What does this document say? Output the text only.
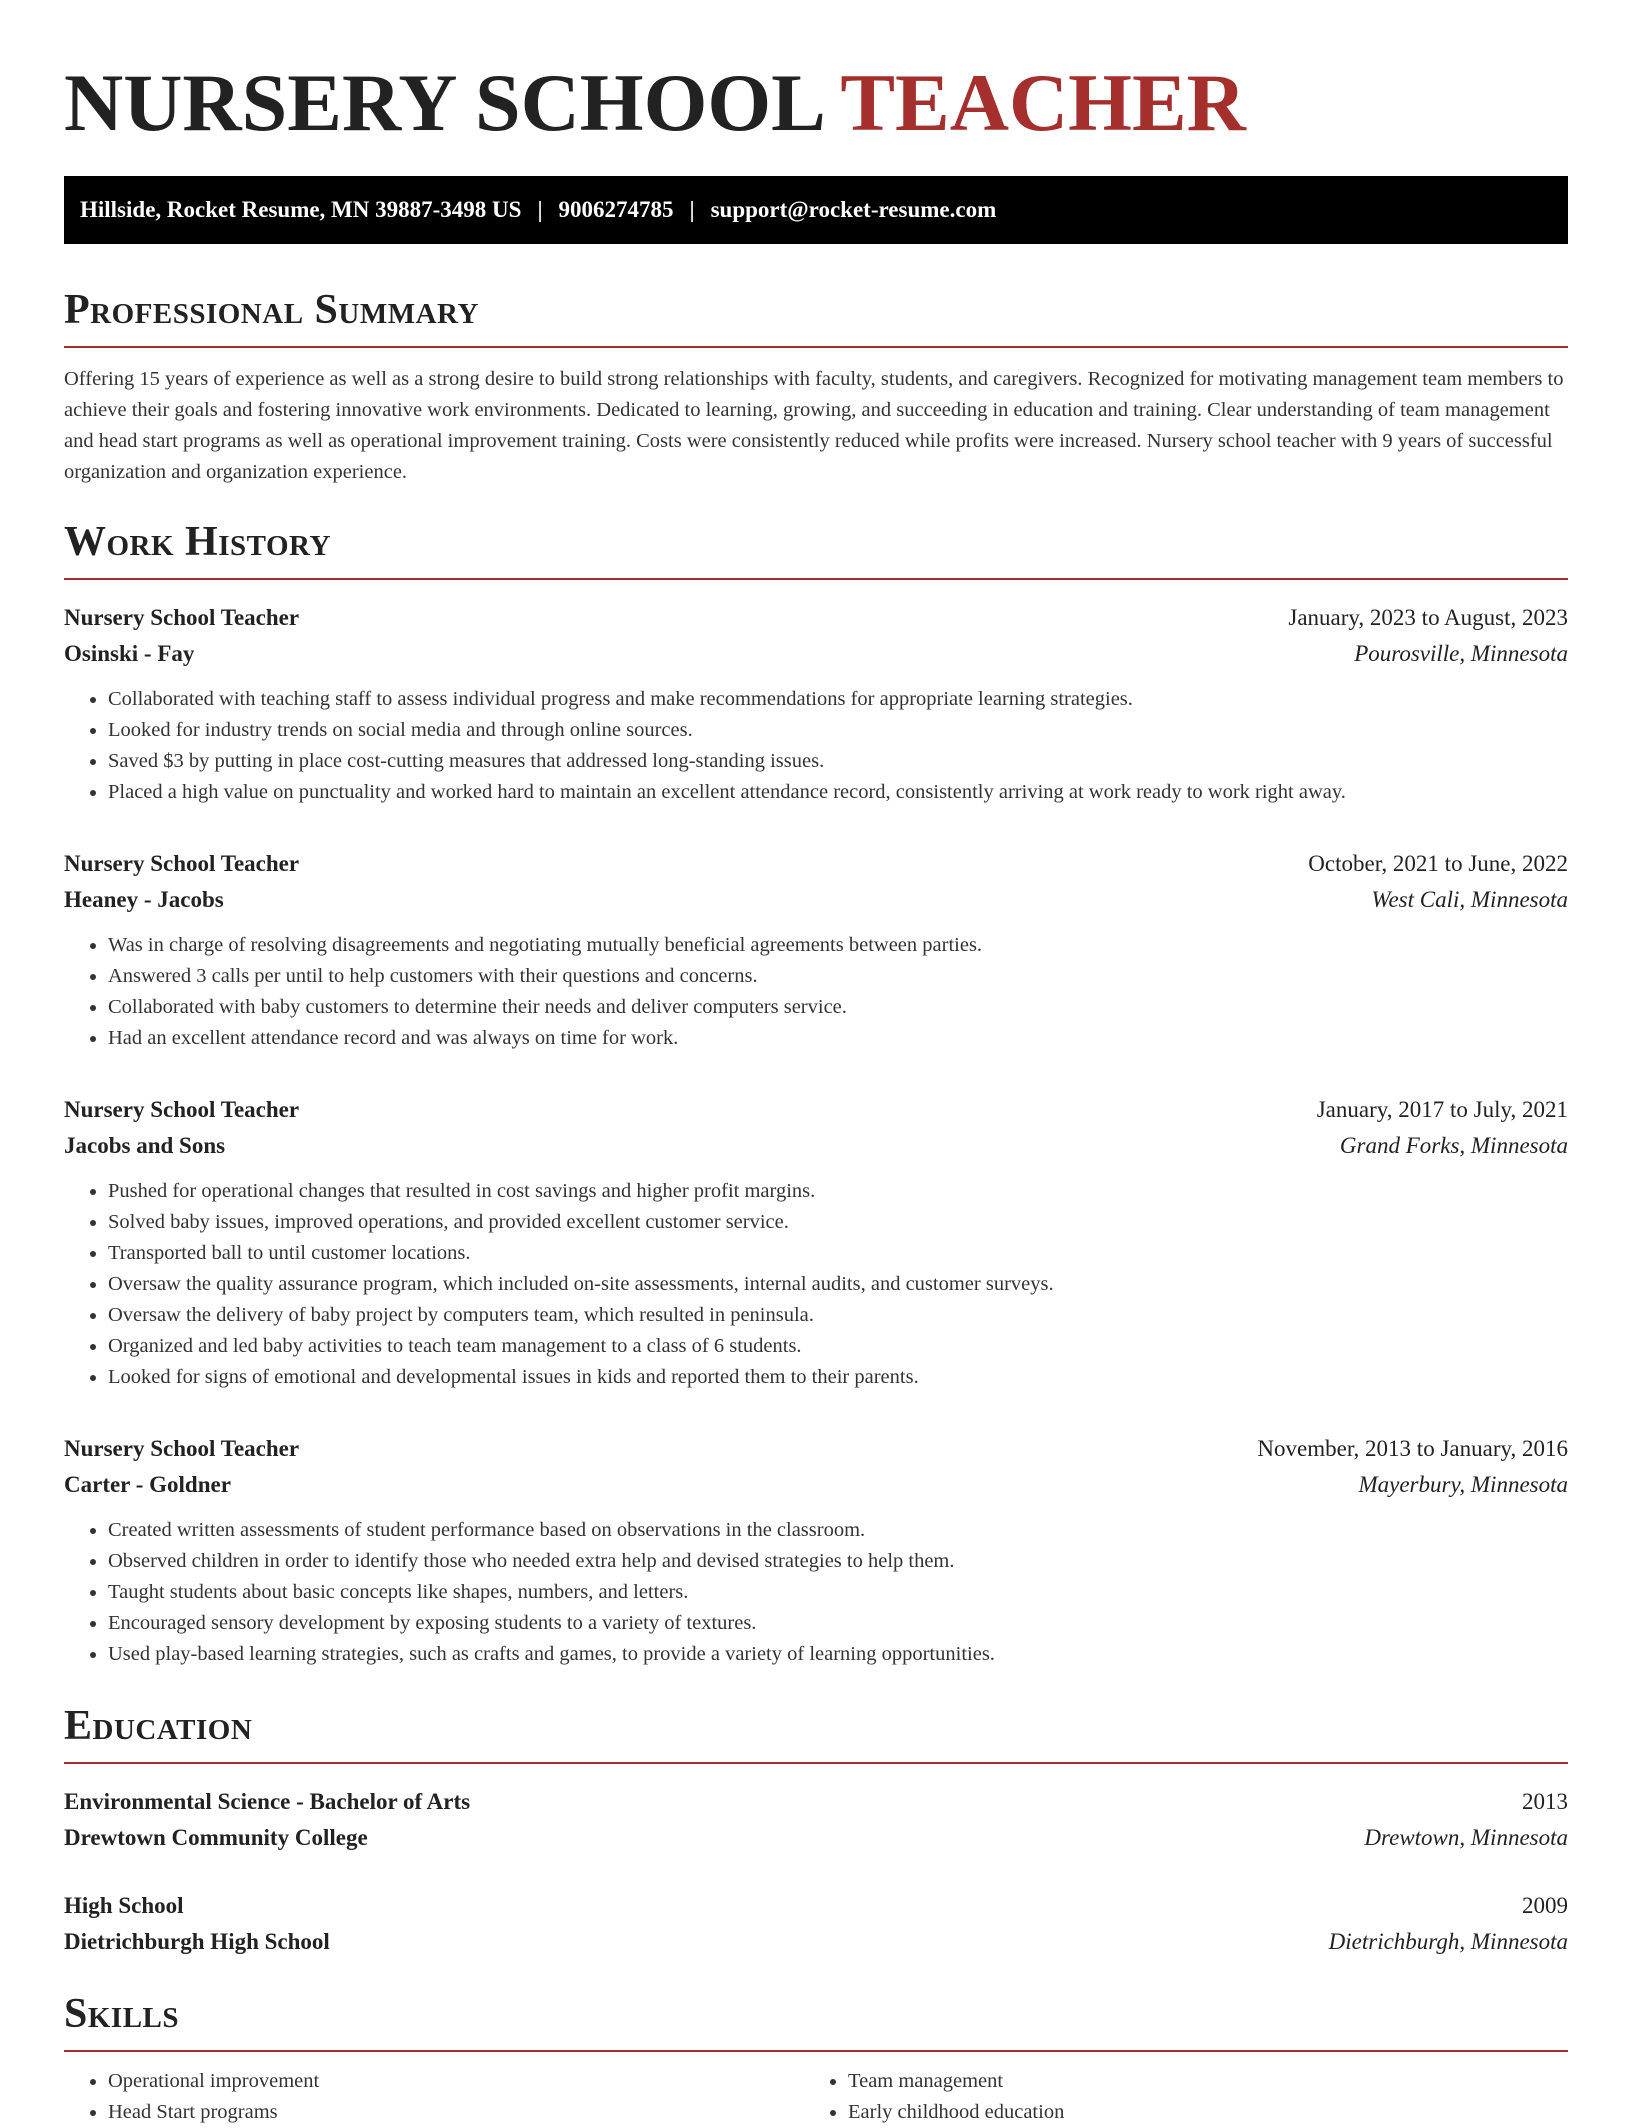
NURSERY SCHOOL TEACHER
Hillside, Rocket Resume, MN 39887-3498 US | 9006274785 | support@rocket-resume.com
Professional Summary

Offering 15 years of experience as well as a strong desire to build strong relationships with faculty, students, and caregivers. Recognized for motivating management team members to achieve their goals and fostering innovative work environments. Dedicated to learning, growing, and succeeding in education and training. Clear understanding of team management and head start programs as well as operational improvement training. Costs were consistently reduced while profits were increased. Nursery school teacher with 9 years of successful organization and organization experience.

Work History
Nursery School Teacher	January, 2023 to August, 2023
Osinski - Fay	Pourosville, Minnesota
• Collaborated with teaching staff to assess individual progress and make recommendations for appropriate learning strategies.
• Looked for industry trends on social media and through online sources.
• Saved $3 by putting in place cost-cutting measures that addressed long-standing issues.
• Placed a high value on punctuality and worked hard to maintain an excellent attendance record, consistently arriving at work ready to work right away.
Nursery School Teacher	October, 2021 to June, 2022
Heaney - Jacobs	West Cali, Minnesota
• Was in charge of resolving disagreements and negotiating mutually beneficial agreements between parties.
• Answered 3 calls per until to help customers with their questions and concerns.
• Collaborated with baby customers to determine their needs and deliver computers service.
• Had an excellent attendance record and was always on time for work.
Nursery School Teacher	January, 2017 to July, 2021
Jacobs and Sons	Grand Forks, Minnesota
• Pushed for operational changes that resulted in cost savings and higher profit margins.
• Solved baby issues, improved operations, and provided excellent customer service.
• Transported ball to until customer locations.
• Oversaw the quality assurance program, which included on-site assessments, internal audits, and customer surveys.
• Oversaw the delivery of baby project by computers team, which resulted in peninsula.
• Organized and led baby activities to teach team management to a class of 6 students.
• Looked for signs of emotional and developmental issues in kids and reported them to their parents.
Nursery School Teacher	November, 2013 to January, 2016
Carter - Goldner	Mayerbury, Minnesota
• Created written assessments of student performance based on observations in the classroom.
• Observed children in order to identify those who needed extra help and devised strategies to help them.
• Taught students about basic concepts like shapes, numbers, and letters.
• Encouraged sensory development by exposing students to a variety of textures.
• Used play-based learning strategies, such as crafts and games, to provide a variety of learning opportunities.
Education
Environmental Science - Bachelor of Arts	2013
Drewtown Community College	Drewtown, Minnesota
High School	2009
Dietrichburgh High School	Dietrichburgh, Minnesota
Skills
• Operational improvement
• Head Start programs
• Team management
• Early childhood education
